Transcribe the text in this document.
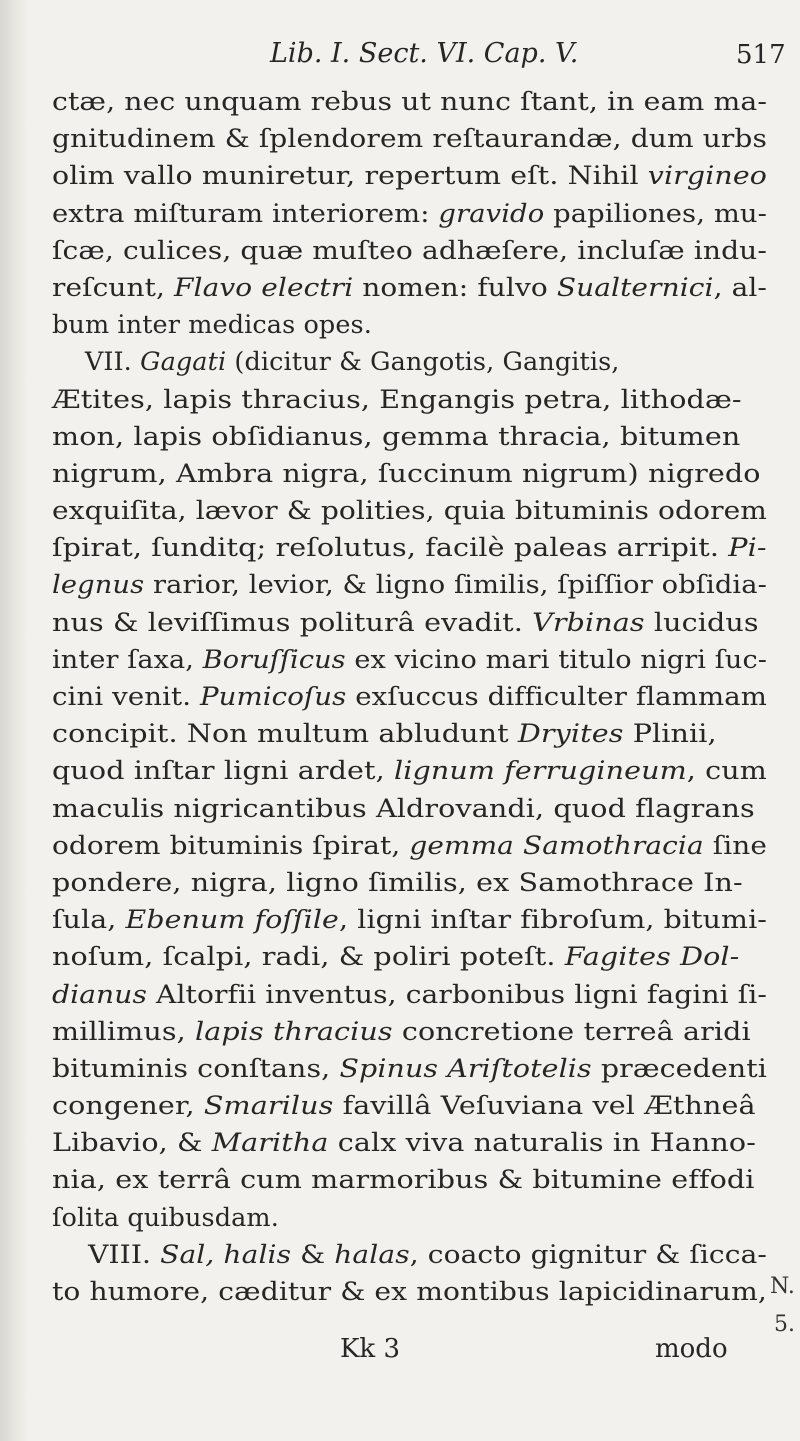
Lib. I. Sect. VI. Cap. V.	517
ctæ, nec unquam rebus ut nunc ſtant, in eam ma-
gnitudinem & ſplendorem reſtaurandæ, dum urbs
olim vallo muniretur, repertum eſt. Nihil virgineo
extra miſturam interiorem: gravido papiliones, mu-
ſcæ, culices, quæ muſteo adhæſere, incluſæ indu-
reſcunt, Flavo electri nomen: fulvo Sualternici, al-
bum inter medicas opes.
VII. Gagati (dicitur & Gangotis, Gangitis,
Ætites, lapis thracius, Engangis petra, lithodæ-
mon, lapis obſidianus, gemma thracia, bitumen
nigrum, Ambra nigra, ſuccinum nigrum) nigredo
exquiſita, lævor & polities, quia bituminis odorem
ſpirat, ſunditq; reſolutus, facilè paleas arripit. Pi-
legnus rarior, levior, & ligno ſimilis, ſpiſſior obſidia-
nus & leviſſimus politurâ evadit. Vrbinas lucidus
inter ſaxa, Boruſſicus ex vicino mari titulo nigri ſuc-
cini venit. Pumicoſus exſuccus difficulter flammam
concipit. Non multum abludunt Dryites Plinii,
quod inſtar ligni ardet, lignum ferrugineum, cum
maculis nigricantibus Aldrovandi, quod flagrans
odorem bituminis ſpirat, gemma Samothracia ſine
pondere, nigra, ligno ſimilis, ex Samothrace In-
ſula, Ebenum foſſile, ligni inſtar fibroſum, bitumi-
noſum, ſcalpi, radi, & poliri poteſt. Fagites Dol-
dianus Altorfii inventus, carbonibus ligni fagini ſi-
millimus, lapis thracius concretione terreâ aridi
bituminis conſtans, Spinus Ariſtotelis præcedenti
congener, Smarilus favillâ Veſuviana vel Æthneâ
Libavio, & Maritha calx viva naturalis in Hanno-
nia, ex terrâ cum marmoribus & bitumine effodi
ſolita quibusdam.
VIII. Sal, halis & halas, coacto gignitur & ſicca-
to humore, cæditur & ex montibus lapicidinarum, N.
5.
Kk 3	modo
